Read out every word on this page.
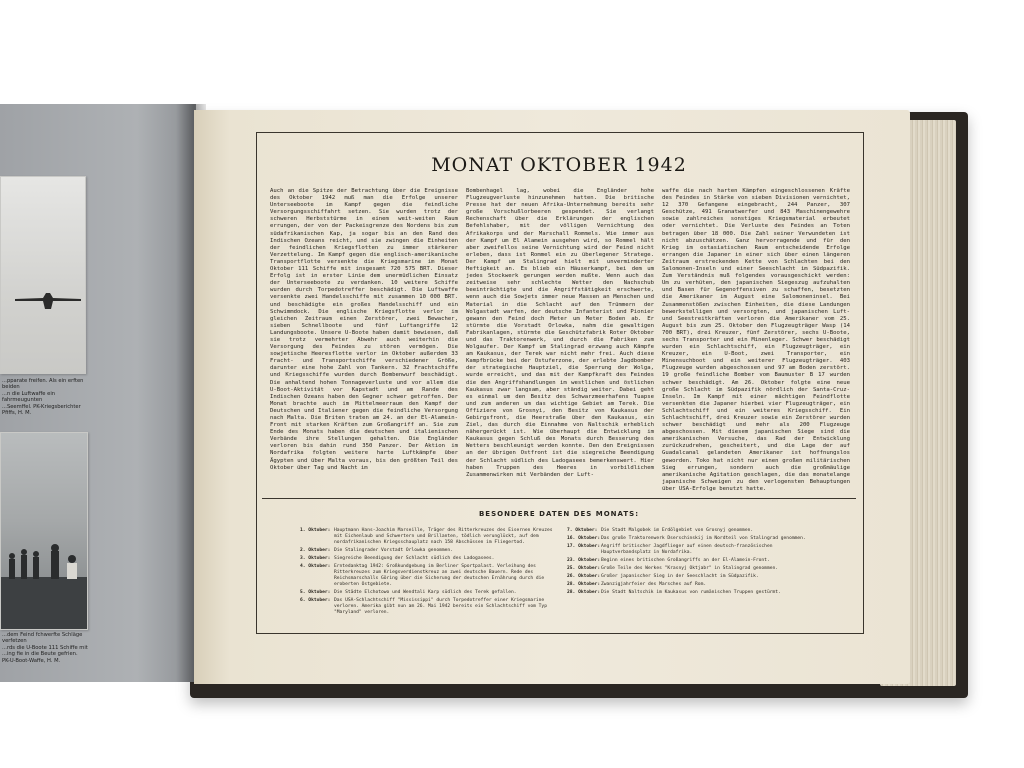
...pparate freifen. Als ein erften beiden
...n die Luftwaffe ein fahrmeugunten
...Seemffel. PK-Kriegsberichter Pfiffs, H. M.
...dem Feind fchwerfte Schläge verfetzen
...rds die U-Boote 111 Schiffe mit
...ing fie in die Beute gefrien.
PK-U-Boot-Waffe, H. M.
MONAT OKTOBER 1942
Auch an die Spitze der Betrachtung über die Ereignisse des Oktober 1942 muß man die Erfolge unserer Unterseeboote im Kampf gegen die feindliche Versorgungsschiffahrt setzen. Sie wurden trotz der schweren Herbststürme in einem weit-weiten Raum errungen, der von der Packeisgrenze des Nordens bis zum südafrikanischen Kap, ja sogar bis an den Rand des Indischen Ozeans reicht, und sie zwingen die Einheiten der feindlichen Kriegsflotten zu immer stärkerer Verzettelung. Im Kampf gegen die englisch-amerikanische Transportflotte versenkte die Kriegsmarine im Monat Oktober 111 Schiffe mit insgesamt 720 575 BRT. Dieser Erfolg ist in erster Linie dem unermüdlichen Einsatz der Unterseeboote zu verdanken. 10 weitere Schiffe wurden durch Torpedotreffer beschädigt. Die Luftwaffe versenkte zwei Handelsschiffe mit zusammen 10 000 BRT. und beschädigte ein großes Handelsschiff und ein Schwimmdock. Die englische Kriegsflotte verlor im gleichen Zeitraum einen Zerstörer, zwei Bewacher, sieben Schnellboote und fünf Luftangriffe 12 Landungsboote. Unsere U-Boote haben damit bewiesen, daß sie trotz vermehrter Abwehr auch weiterhin die Versorgung des Feindes zu stören vermögen. Die sowjetische Heeresflotte verlor im Oktober außerdem 33 Fracht- und Transportschiffe verschiedener Größe, darunter eine hohe Zahl von Tankern. 32 Frachtschiffe und Kriegsschiffe wurden durch Bombenwurf beschädigt. Die anhaltend hohen Tonnageverluste und vor allem die U-Boot-Aktivität vor Kapstadt und am Rande des Indischen Ozeans haben den Gegner schwer getroffen. Der Monat brachte auch im Mittelmeerraum den Kampf der Deutschen und Italiener gegen die feindliche Versorgung nach Malta. Die Briten traten am 24. an der El-Alamein-Front mit starken Kräften zum Großangriff an. Sie zum Ende des Monats haben die deutschen und italienischen Verbände ihre Stellungen gehalten. Die Engländer verloren bis dahin rund 350 Panzer. Der Aktion im Nordafrika folgten weitere harte Luftkämpfe über Ägypten und über Malta voraus, bis den größten Teil des Oktober über Tag und Nacht im
Bombenhagel lag, wobei die Engländer hohe Flugzeugverluste hinzunehmen hatten. Die britische Presse hat der neuen Afrika-Unternehmung bereits sehr große Vorschußlorbeeren gespendet. Sie verlangt Rechenschaft über die Erklärungen der englischen Befehlshaber, mit der völligen Vernichtung des Afrikakorps und der Marschall Rommels. Wie immer aus der Kampf um El Alamein ausgehen wird, so Rommel hält aber zweifellos seine Vernichtung wird der Feind nicht erleben, dass ist Rommel ein zu überlegener Stratege. Der Kampf um Stalingrad hielt mit unverminderter Heftigkeit an. Es blieb ein Häuserkampf, bei dem um jedes Stockwerk gerungen werden mußte. Wenn auch das zeitweise sehr schlechte Wetter den Nachschub beeinträchtigte und die Angriffstätigkeit erschwerte, wenn auch die Sowjets immer neue Massen an Menschen und Material in die Schlacht auf den Trümmern der Wolgastadt warfen, der deutsche Infanterist und Pionier gewann den Feind doch Meter um Meter Boden ab. Er stürmte die Vorstadt Orlowka, nahm die gewaltigen Fabrikanlagen, stürmte die Geschützfabrik Roter Oktober und das Traktorenwerk, und durch die Fabriken zum Wolgaufer. Der Kampf um Stalingrad erzwang auch Kämpfe am Kaukasus, der Terek war nicht mehr frei. Auch diese Kampfbrücke bei der Ostuferzone, der erlebte Jagdbomber der strategische Hauptziel, die Sperrung der Wolga, wurde erreicht, und das mit der Kampfkraft des Feindes die den Angriffshandlungen im westlichen und östlichen Kaukasus zwar langsam, aber ständig weiter. Dabei geht es einmal um den Besitz des Schwarzmeerhafens Tuapse und zum anderen um das wichtige Gebiet am Terek. Die Offiziere von Grosnyi, den Besitz von Kaukasus der Gebirgsfront, die Heerstraße über den Kaukasus, ein Ziel, das durch die Einnahme von Naltschik erheblich nähergerückt ist. Wie überhaupt die Entwicklung im Kaukasus gegen Schluß des Monats durch Besserung des Wetters beschleunigt werden konnte. Den den Ereignissen an der übrigen Ostfront ist die siegreiche Beendigung der Schlacht südlich des Ladogasees bemerkenswert. Hier haben Truppen des Heeres in vorbildlichem Zusammenwirken mit Verbänden der Luft-
waffe die nach harten Kämpfen eingeschlossenen Kräfte des Feindes in Stärke von sieben Divisionen vernichtet, 12 370 Gefangene eingebracht, 244 Panzer, 307 Geschütze, 491 Granatwerfer und 843 Maschinengewehre sowie zahlreiches sonstiges Kriegsmaterial erbeutet oder vernichtet. Die Verluste des Feindes an Toten betragen über 18 000. Die Zahl seiner Verwundeten ist nicht abzuschätzen. Ganz hervorragende und für den Krieg im ostasiatischen Raum entscheidende Erfolge errangen die Japaner in einer sich über einen längeren Zeitraum erstreckenden Kette von Schlachten bei den Salomonen-Inseln und einer Seeschlacht im Südpazifik. Zum Verständnis muß folgendes vorausgeschickt werden: Um zu verhüten, den japanischen Siegeszug aufzuhalten und Basen für Gegenoffensiven zu schaffen, besetzten die Amerikaner im August eine Salomoneninsel. Bei Zusammenstößen zwischen Einheiten, die diese Landungen bewerkstelligen und versorgten, und japanischen Luft- und Seestreitkräften verloren die Amerikaner vom 25. August bis zum 25. Oktober den Flugzeugträger Wasp (14 700 BRT), drei Kreuzer, fünf Zerstörer, sechs U-Boote, sechs Transporter und ein Minenleger. Schwer beschädigt wurden ein Schlachtschiff, ein Flugzeugträger, ein Kreuzer, ein U-Boot, zwei Transporter, ein Minensuchboot und ein weiterer Flugzeugträger. 403 Flugzeuge wurden abgeschossen und 97 am Boden zerstört. 19 große feindliche Bomber vom Baumuster B 17 wurden schwer beschädigt. Am 26. Oktober folgte eine neue große Schlacht im Südpazifik nördlich der Santa-Cruz-Inseln. Im Kampf mit einer mächtigen Feindflotte versenkten die Japaner hierbei vier Flugzeugträger, ein Schlachtschiff und ein weiteres Kriegsschiff. Ein Schlachtschiff, drei Kreuzer sowie ein Zerstörer wurden schwer beschädigt und mehr als 200 Flugzeuge abgeschossen. Mit diesem japanischen Siege sind die amerikanischen Versuche, das Rad der Entwicklung zurückzudrehen, gescheitert, und die Lage der auf Guadalcanal gelandeten Amerikaner ist hoffnungslos geworden. Toko hat nicht nur einen großen militärischen Sieg errungen, sondern auch die großmäulige amerikanische Agitation geschlagen, die das monatelange japanische Schweigen zu den verlogensten Behauptungen über USA-Erfolge benutzt hatte.
BESONDERE DATEN DES MONATS:
1. Oktober: Hauptmann Hans-Joachim Marseille, Träger des Ritterkreuzes des Eisernen Kreuzes mit Eichenlaub und Schwertern und Brillanten, tödlich verunglückt, auf dem nordafrikanischen Kriegsschauplatz nach 158 Abschüssen im Fliegertod.
2. Oktober: Die Stalingrader Vorstadt Orlowka genommen.
3. Oktober: Siegreiche Beendigung der Schlacht südlich des Ladogasees.
4. Oktober: Erntedanktag 1942: Großkundgebung im Berliner Sportpalast. Verleihung des Ritterkreuzes zum Kriegsverdienstkreuz an zwei deutsche Bauern. Rede des Reichsmarschalls Göring über die Sicherung der deutschen Ernährung durch die eroberten Ostgebiete.
5. Oktober: Die Städte Elchotowo und Wendtali Karp südlich des Terek gefallen.
6. Oktober: Das USA-Schlachtschiff "Mississippi" durch Torpedotreffer einer Kriegsmarine verloren. Amerika gibt nun am 26. Mai 1942 bereits ein Schlachtschiff vom Typ "Maryland" verloren.
7. Oktober: Die Stadt Malgobek im Erdölgebiet von Grosnyj genommen.
16. Oktober: Das große Traktorenwerk Dserschinskij im Nordteil von Stalingrad genommen.
17. Oktober: Angriff britischer Jagdflieger auf einen deutsch-französischen Hauptverbandsplatz in Nordafrika.
23. Oktober: Beginn eines britischen Großangriffs an der El-Alamein-Front.
25. Oktober: Große Teile des Werkes "Krasnyj Oktjabr" in Stalingrad genommen.
26. Oktober: Großer japanischer Sieg in der Seeschlacht im Südpazifik.
28. Oktober: Zwanzigjahrfeier des Marsches auf Rom.
28. Oktober: Die Stadt Naltschik im Kaukasus von rumänischen Truppen gestürmt.
